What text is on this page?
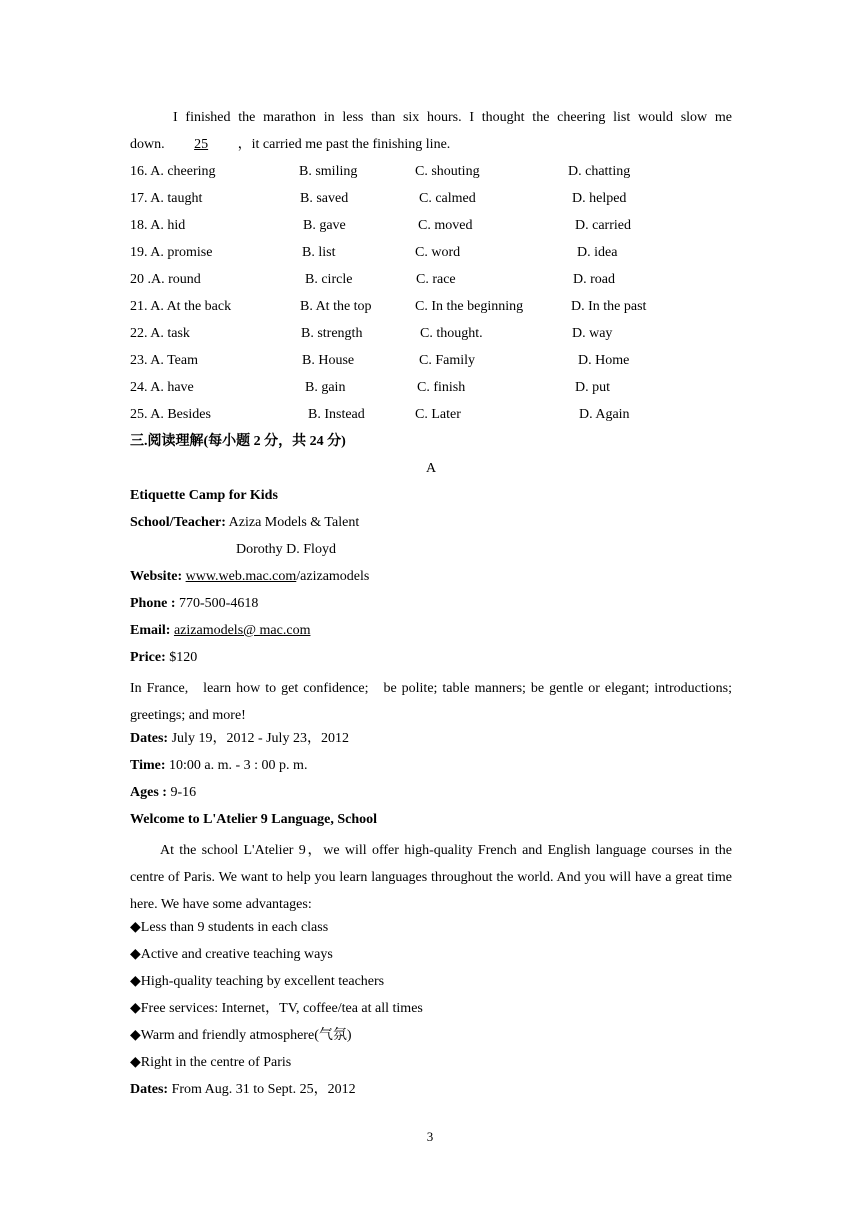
I finished the marathon in less than six hours. I thought the cheering list would slow me
down. 25 ，it carried me past the finishing line.
16. A. cheering	B. smiling	C. shouting	D. chatting
17. A. taught	B. saved	C. calmed	D. helped
18. A. hid	B. gave	C. moved	D. carried
19. A. promise	B. list	C. word	D. idea
20 .A. round	B. circle	C. race	D. road
21. A. At the back	B. At the top	C. In the beginning	D. In the past
22. A. task	B. strength	C. thought.	D. way
23. A. Team	B. House	C. Family	D. Home
24. A. have	B. gain	C. finish	D. put
25. A. Besides	B. Instead	C. Later	D. Again
三.阅读理解(每小题 2 分，共 24 分)
A
Etiquette Camp for Kids
School/Teacher: Aziza Models & Talent
Dorothy D. Floyd
Website: www.web.mac.com/azizamodels
Phone : 770-500-4618
Email: azizamodels@ mac.com
Price: $120
In France,   learn how to get confidence;   be polite; table manners; be gentle or elegant; introductions; greetings; and more!
Dates: July 19，2012 - July 23，2012
Time: 10:00 a. m. - 3 : 00 p. m.
Ages : 9-16
Welcome to L'Atelier 9 Language, School
At the school L'Atelier 9，we will offer high-quality French and English language courses in the centre of Paris. We want to help you learn languages throughout the world. And you will have a great time here. We have some advantages:
◆Less than 9 students in each class
◆Active and creative teaching ways
◆High-quality teaching by excellent teachers
◆Free services: Internet，TV, coffee/tea at all times
◆Warm and friendly atmosphere(气氛)
◆Right in the centre of Paris
Dates: From Aug. 31 to Sept. 25，2012
3
